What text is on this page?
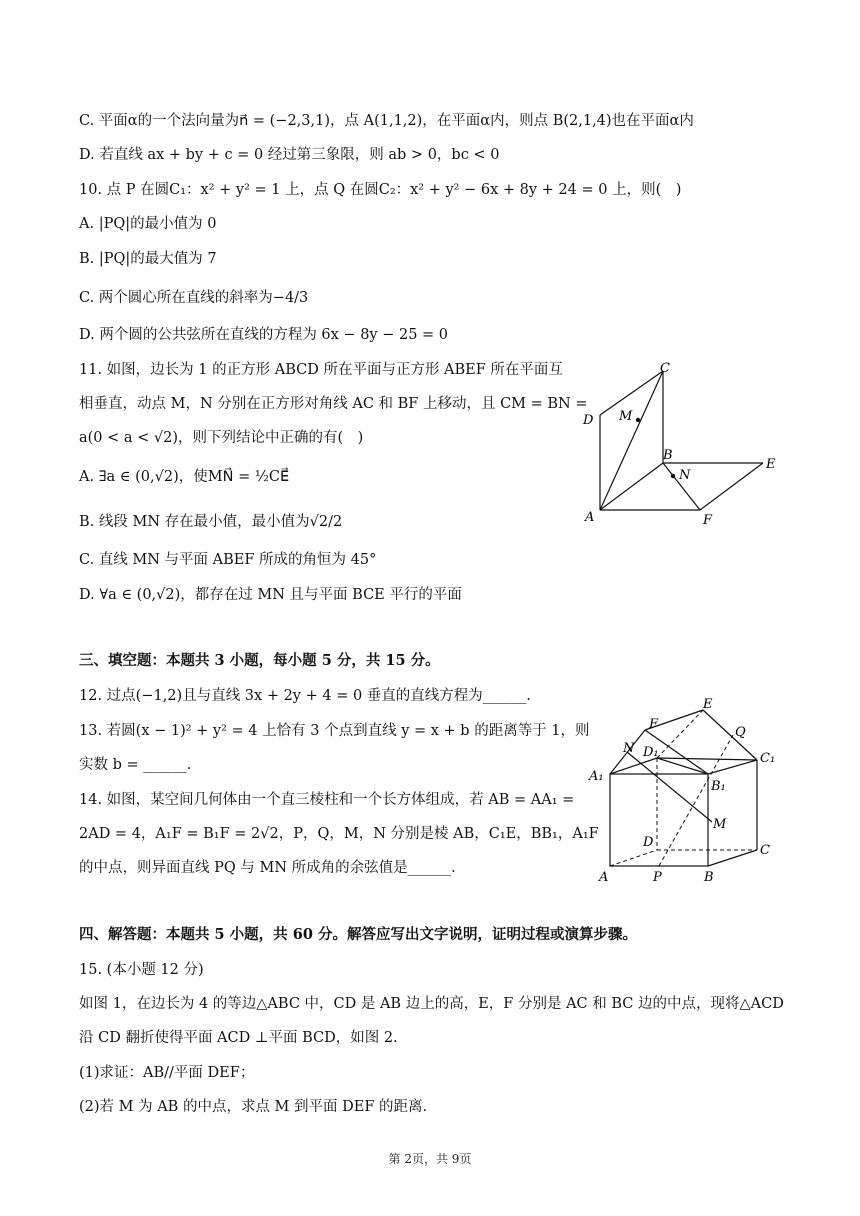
C. 平面α的一个法向量为n⃗ = (−2,3,1)，点 A(1,1,2)，在平面α内，则点 B(2,1,4)也在平面α内
D. 若直线 ax + by + c = 0 经过第三象限，则 ab > 0，bc < 0
10. 点 P 在圆C₁：x² + y² = 1 上，点 Q 在圆C₂：x² + y² − 6x + 8y + 24 = 0 上，则(　)
A. |PQ|的最小值为 0
B. |PQ|的最大值为 7
C. 两个圆心所在直线的斜率为−4/3
D. 两个圆的公共弦所在直线的方程为 6x − 8y − 25 = 0
11. 如图，边长为 1 的正方形 ABCD 所在平面与正方形 ABEF 所在平面互
相垂直，动点 M，N 分别在正方形对角线 AC 和 BF 上移动，且 CM = BN =
a(0 < a < √2)，则下列结论中正确的有(　)
A. ∃a ∈ (0,√2)，使MN⃗ = ½CE⃗
B. 线段 MN 存在最小值，最小值为√2/2
C. 直线 MN 与平面 ABEF 所成的角恒为 45°
D. ∀a ∈ (0,√2)，都存在过 MN 且与平面 BCE 平行的平面
C
D M
B
N
E
A	F
三、填空题：本题共 3 小题，每小题 5 分，共 15 分。
12. 过点(−1,2)且与直线 3x + 2y + 4 = 0 垂直的直线方程为______.
13. 若圆(x − 1)² + y² = 4 上恰有 3 个点到直线 y = x + b 的距离等于 1，则
实数 b = ______.
14. 如图，某空间几何体由一个直三棱柱和一个长方体组成，若 AB = AA₁ =
2AD = 4，A₁F = B₁F = 2√2，P，Q，M，N 分别是棱 AB，C₁E，BB₁，A₁F
的中点，则异面直线 PQ 与 MN 所成角的余弦值是______.
E
F
Q
N D₁	C₁
A₁
B₁
M
D
C
A	P	B
四、解答题：本题共 5 小题，共 60 分。解答应写出文字说明，证明过程或演算步骤。
15. (本小题 12 分)
如图 1，在边长为 4 的等边△ABC 中，CD 是 AB 边上的高，E，F 分别是 AC 和 BC 边的中点，现将△ACD
沿 CD 翻折使得平面 ACD ⊥平面 BCD，如图 2.
(1)求证：AB//平面 DEF；
(2)若 M 为 AB 的中点，求点 M 到平面 DEF 的距离.
第 2页，共 9页
